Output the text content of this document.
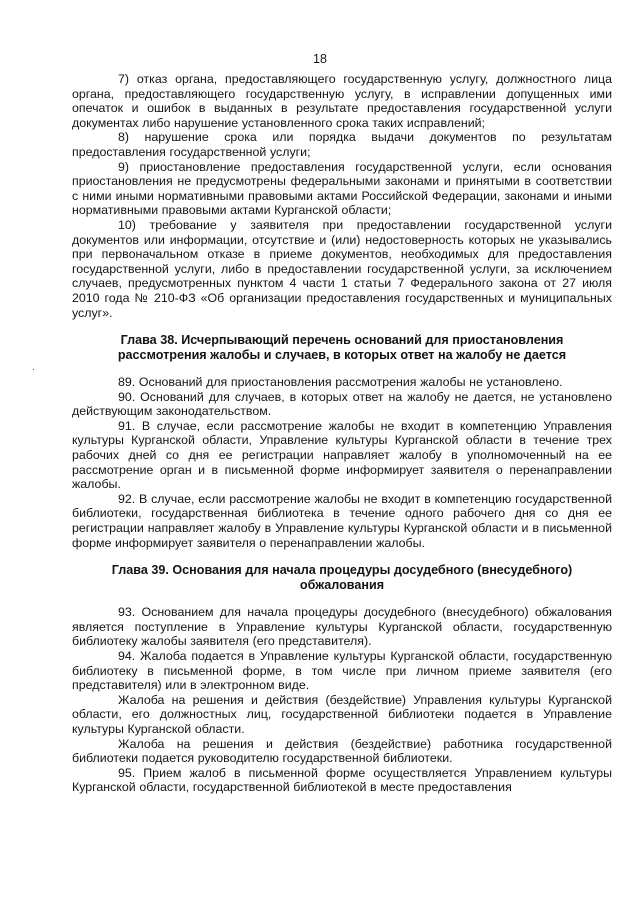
18
.

7) отказ органа, предоставляющего государственную услугу, должностного лица органа, предоставляющего государственную услугу, в исправлении допущенных ими опечаток и ошибок в выданных в результате предоставления государственной услуги документах либо нарушение установленного срока таких исправлений;

8) нарушение срока или порядка выдачи документов по результатам предоставления государственной услуги;

9) приостановление предоставления государственной услуги, если основания приостановления не предусмотрены федеральными законами и принятыми в соответствии с ними иными нормативными правовыми актами Российской Федерации, законами и иными нормативными правовыми актами Курганской области;

10) требование у заявителя при предоставлении государственной услуги документов или информации, отсутствие и (или) недостоверность которых не указывались при первоначальном отказе в приеме документов, необходимых для предоставления государственной услуги, либо в предоставлении государственной услуги, за исключением случаев, предусмотренных пунктом 4 части 1 статьи 7 Федерального закона от 27 июля 2010 года № 210-ФЗ «Об организации предоставления государственных и муниципальных услуг».

Глава 38. Исчерпывающий перечень оснований для приостановления рассмотрения жалобы и случаев, в которых ответ на жалобу не дается

89. Оснований для приостановления рассмотрения жалобы не установлено.

90. Оснований для случаев, в которых ответ на жалобу не дается, не установлено действующим законодательством.

91. В случае, если рассмотрение жалобы не входит в компетенцию Управления культуры Курганской области, Управление культуры Курганской области в течение трех рабочих дней со дня ее регистрации направляет жалобу в уполномоченный на ее рассмотрение орган и в письменной форме информирует заявителя о перенаправлении жалобы.

92. В случае, если рассмотрение жалобы не входит в компетенцию государственной библиотеки, государственная библиотека в течение одного рабочего дня со дня ее регистрации направляет жалобу в Управление культуры Курганской области и в письменной форме информирует заявителя о перенаправлении жалобы.

Глава 39. Основания для начала процедуры досудебного (внесудебного) обжалования

93. Основанием для начала процедуры досудебного (внесудебного) обжалования является поступление в Управление культуры Курганской области, государственную библиотеку жалобы заявителя (его представителя).

94. Жалоба подается в Управление культуры Курганской области, государственную библиотеку в письменной форме, в том числе при личном приеме заявителя (его представителя) или в электронном виде.

Жалоба на решения и действия (бездействие) Управления культуры Курганской области, его должностных лиц, государственной библиотеки подается в Управление культуры Курганской области.

Жалоба на решения и действия (бездействие) работника государственной библиотеки подается руководителю государственной библиотеки.

95. Прием жалоб в письменной форме осуществляется Управлением культуры Курганской области, государственной библиотекой в месте предоставления
